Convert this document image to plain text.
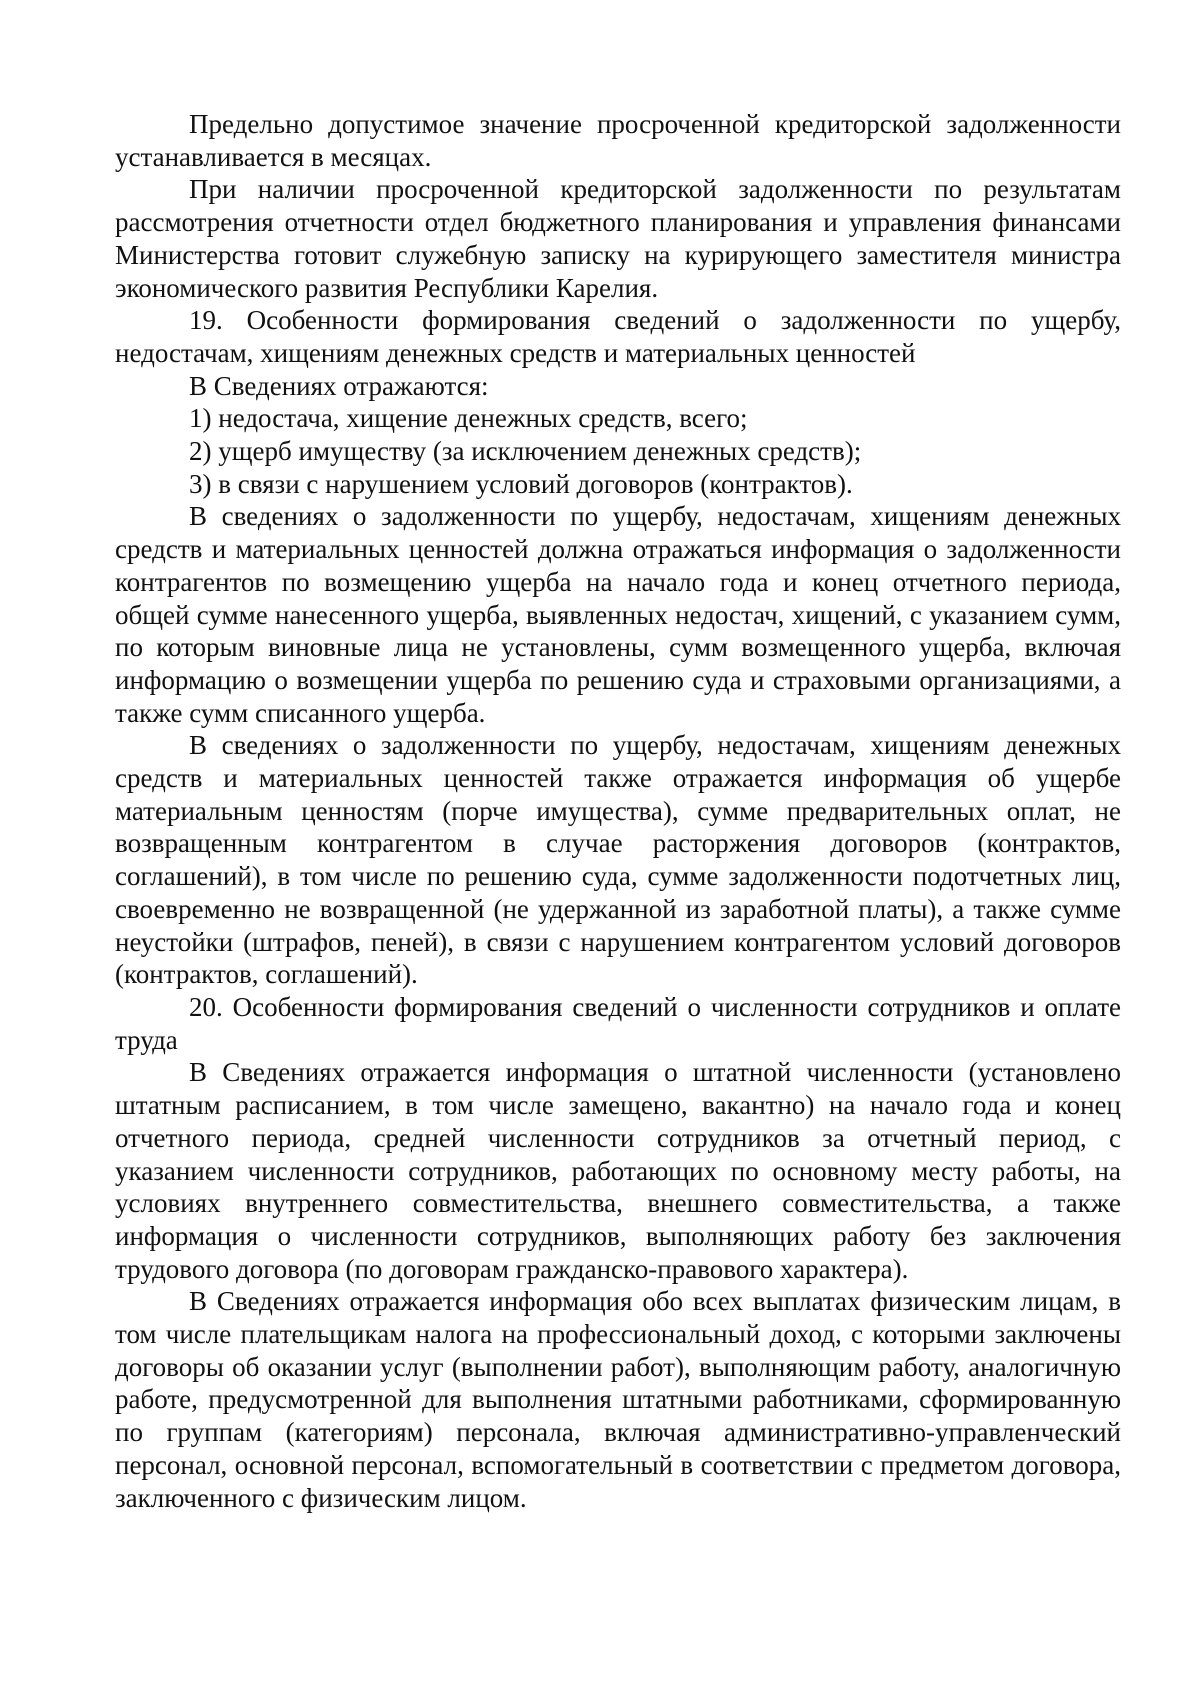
Предельно допустимое значение просроченной кредиторской задолженности устанавливается в месяцах.

При наличии просроченной кредиторской задолженности по результатам рассмотрения отчетности отдел бюджетного планирования и управления финансами Министерства готовит служебную записку на курирующего заместителя министра экономического развития Республики Карелия.

19. Особенности формирования сведений о задолженности по ущербу, недостачам, хищениям денежных средств и материальных ценностей

В Сведениях отражаются:

1) недостача, хищение денежных средств, всего;

2) ущерб имуществу (за исключением денежных средств);

3) в связи с нарушением условий договоров (контрактов).

В сведениях о задолженности по ущербу, недостачам, хищениям денежных средств и материальных ценностей должна отражаться информация о задолженности контрагентов по возмещению ущерба на начало года и конец отчетного периода, общей сумме нанесенного ущерба, выявленных недостач, хищений, с указанием сумм, по которым виновные лица не установлены, сумм возмещенного ущерба, включая информацию о возмещении ущерба по решению суда и страховыми организациями, а также сумм списанного ущерба.

В сведениях о задолженности по ущербу, недостачам, хищениям денежных средств и материальных ценностей также отражается информация об ущербе материальным ценностям (порче имущества), сумме предварительных оплат, не возвращенным контрагентом в случае расторжения договоров (контрактов, соглашений), в том числе по решению суда, сумме задолженности подотчетных лиц, своевременно не возвращенной (не удержанной из заработной платы), а также сумме неустойки (штрафов, пеней), в связи с нарушением контрагентом условий договоров (контрактов, соглашений).

20. Особенности формирования сведений о численности сотрудников и оплате труда

В Сведениях отражается информация о штатной численности (установлено штатным расписанием, в том числе замещено, вакантно) на начало года и конец отчетного периода, средней численности сотрудников за отчетный период, с указанием численности сотрудников, работающих по основному месту работы, на условиях внутреннего совместительства, внешнего совместительства, а также информация о численности сотрудников, выполняющих работу без заключения трудового договора (по договорам гражданско-правового характера).

В Сведениях отражается информация обо всех выплатах физическим лицам, в том числе плательщикам налога на профессиональный доход, с которыми заключены договоры об оказании услуг (выполнении работ), выполняющим работу, аналогичную работе, предусмотренной для выполнения штатными работниками, сформированную по группам (категориям) персонала, включая административно-управленческий персонал, основной персонал, вспомогательный в соответствии с предметом договора, заключенного с физическим лицом.
